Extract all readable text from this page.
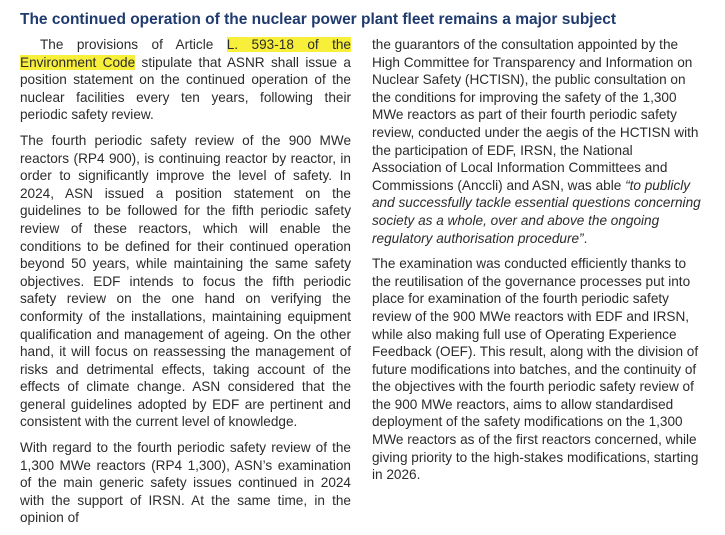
The continued operation of the nuclear power plant fleet remains a major subject

The provisions of Article L. 593-18 of the Environment Code stipulate that ASNR shall issue a position statement on the continued operation of the nuclear facilities every ten years, following their periodic safety review.

The fourth periodic safety review of the 900 MWe reactors (RP4 900), is continuing reactor by reactor, in order to significantly improve the level of safety. In 2024, ASN issued a position statement on the guidelines to be followed for the fifth periodic safety review of these reactors, which will enable the conditions to be defined for their continued operation beyond 50 years, while maintaining the same safety objectives. EDF intends to focus the fifth periodic safety review on the one hand on verifying the conformity of the installations, maintaining equipment qualification and management of ageing. On the other hand, it will focus on reassessing the management of risks and detrimental effects, taking account of the effects of climate change. ASN considered that the general guidelines adopted by EDF are pertinent and consistent with the current level of knowledge.

With regard to the fourth periodic safety review of the 1,300 MWe reactors (RP4 1,300), ASN’s examination of the main generic safety issues continued in 2024 with the support of IRSN. At the same time, in the opinion of

the guarantors of the consultation appointed by the High Committee for Transparency and Information on Nuclear Safety (HCTISN), the public consultation on the conditions for improving the safety of the 1,300 MWe reactors as part of their fourth periodic safety review, conducted under the aegis of the HCTISN with the participation of EDF, IRSN, the National Association of Local Information Committees and Commissions (Anccli) and ASN, was able “to publicly and successfully tackle essential questions concerning society as a whole, over and above the ongoing regulatory authorisation procedure”.

The examination was conducted efficiently thanks to the reutilisation of the governance processes put into place for examination of the fourth periodic safety review of the 900 MWe reactors with EDF and IRSN, while also making full use of Operating Experience Feedback (OEF). This result, along with the division of future modifications into batches, and the continuity of the objectives with the fourth periodic safety review of the 900 MWe reactors, aims to allow standardised deployment of the safety modifications on the 1,300 MWe reactors as of the first reactors concerned, while giving priority to the high-stakes modifications, starting in 2026.
